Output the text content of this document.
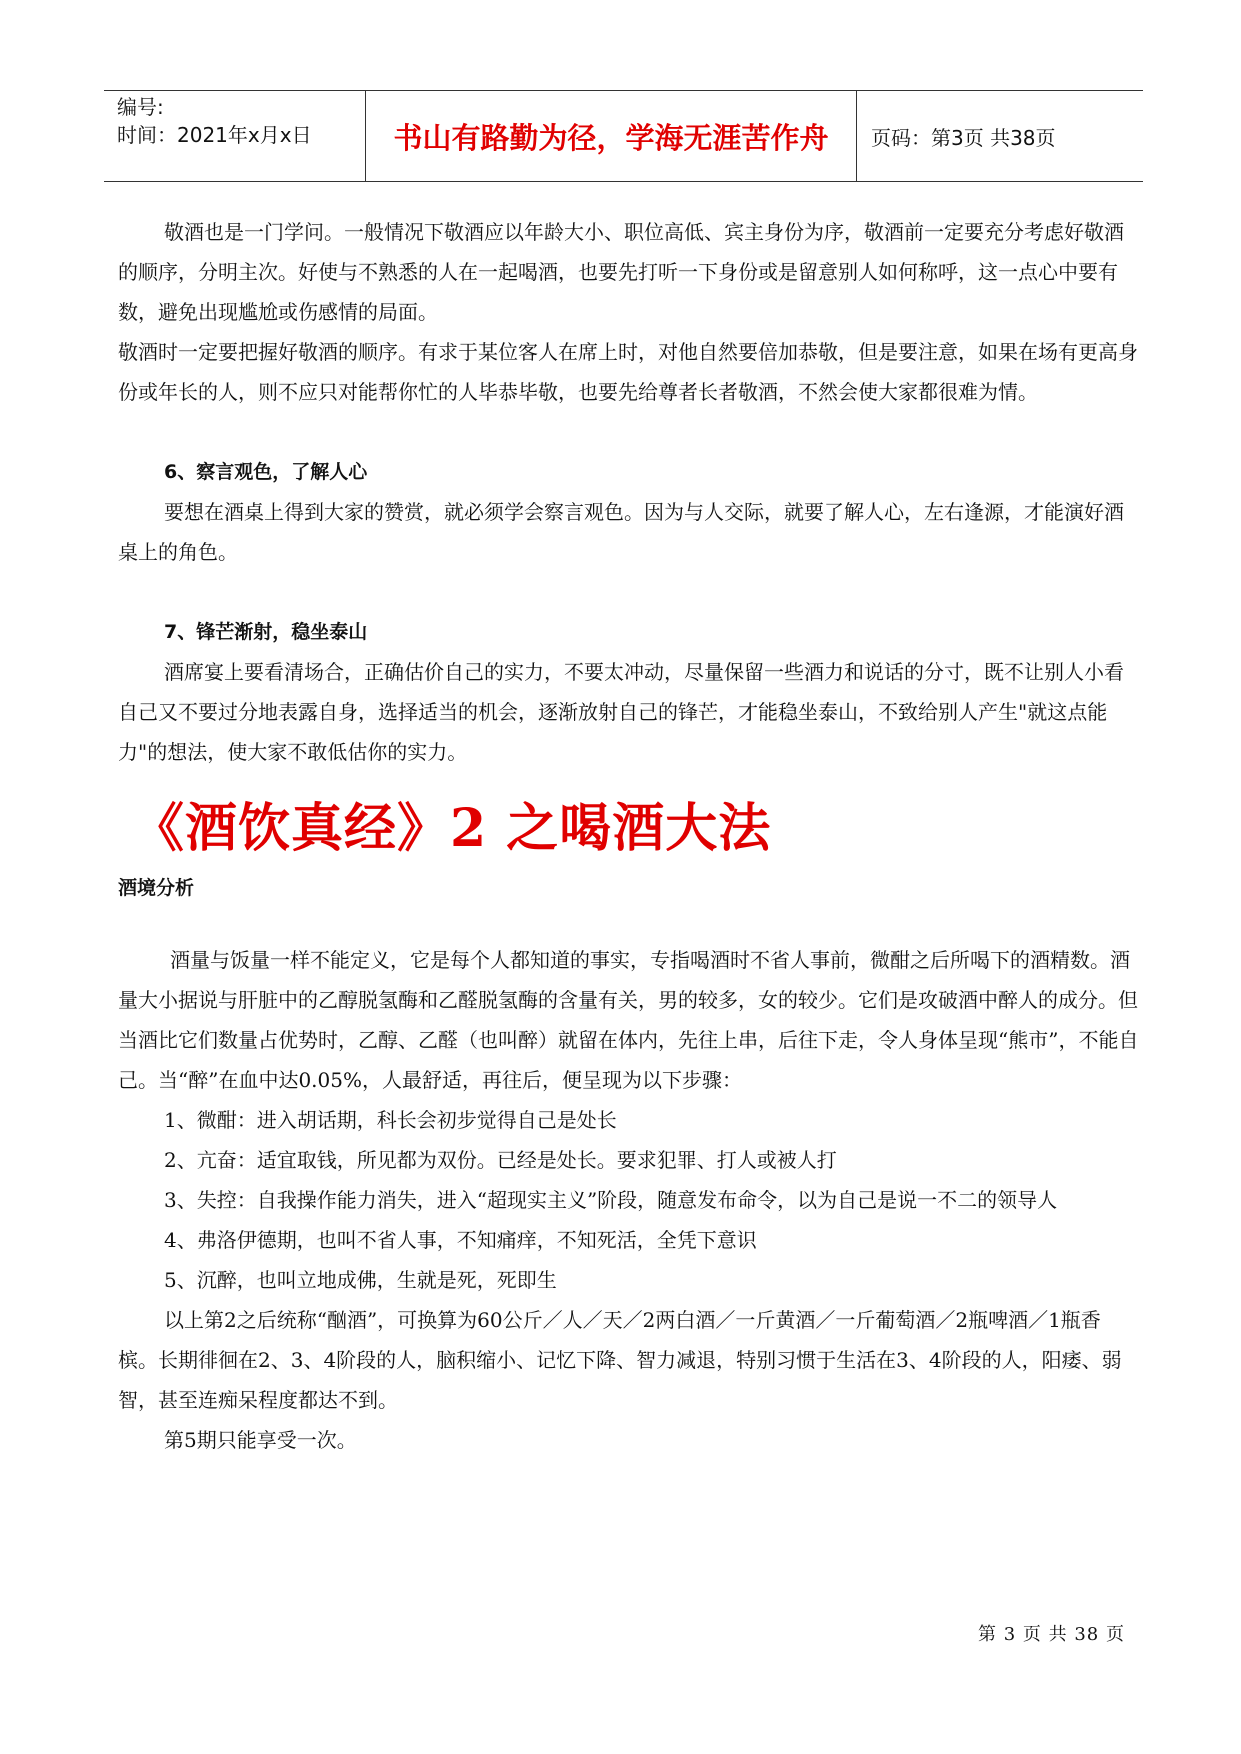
编号:
时间：2021年x月x日	书山有路勤为径，学海无涯苦作舟	页码：第3页 共38页

敬酒也是一门学问。一般情况下敬酒应以年龄大小、职位高低、宾主身份为序，敬酒前一定要充分考虑好敬酒的顺序，分明主次。好使与不熟悉的人在一起喝酒，也要先打听一下身份或是留意别人如何称呼，这一点心中要有数，避免出现尴尬或伤感情的局面。

敬酒时一定要把握好敬酒的顺序。有求于某位客人在席上时，对他自然要倍加恭敬，但是要注意，如果在场有更高身份或年长的人，则不应只对能帮你忙的人毕恭毕敬，也要先给尊者长者敬酒，不然会使大家都很难为情。

6、察言观色，了解人心

要想在酒桌上得到大家的赞赏，就必须学会察言观色。因为与人交际，就要了解人心，左右逢源，才能演好酒桌上的角色。

7、锋芒渐射，稳坐泰山

酒席宴上要看清场合，正确估价自己的实力，不要太冲动，尽量保留一些酒力和说话的分寸，既不让别人小看自己又不要过分地表露自身，选择适当的机会，逐渐放射自己的锋芒，才能稳坐泰山，不致给别人产生"就这点能力"的想法，使大家不敢低估你的实力。

《酒饮真经》2 之喝酒大法

酒境分析

酒量与饭量一样不能定义，它是每个人都知道的事实，专指喝酒时不省人事前，微酣之后所喝下的酒精数。酒量大小据说与肝脏中的乙醇脱氢酶和乙醛脱氢酶的含量有关，男的较多，女的较少。它们是攻破酒中醉人的成分。但当酒比它们数量占优势时，乙醇、乙醛（也叫醉）就留在体内，先往上串，后往下走，令人身体呈现“熊市”，不能自己。当“醉”在血中达0.05%，人最舒适，再往后，便呈现为以下步骤：

1、微酣：进入胡话期，科长会初步觉得自己是处长

2、亢奋：适宜取钱，所见都为双份。已经是处长。要求犯罪、打人或被人打

3、失控：自我操作能力消失，进入“超现实主义”阶段，随意发布命令，以为自己是说一不二的领导人

4、弗洛伊德期，也叫不省人事，不知痛痒，不知死活，全凭下意识

5、沉醉，也叫立地成佛，生就是死，死即生

以上第2之后统称“酗酒”，可换算为60公斤／人／天／2两白酒／一斤黄酒／一斤葡萄酒／2瓶啤酒／1瓶香槟。长期徘徊在2、3、4阶段的人，脑积缩小、记忆下降、智力减退，特别习惯于生活在3、4阶段的人，阳痿、弱智，甚至连痴呆程度都达不到。

第5期只能享受一次。

第 3 页 共 38 页
